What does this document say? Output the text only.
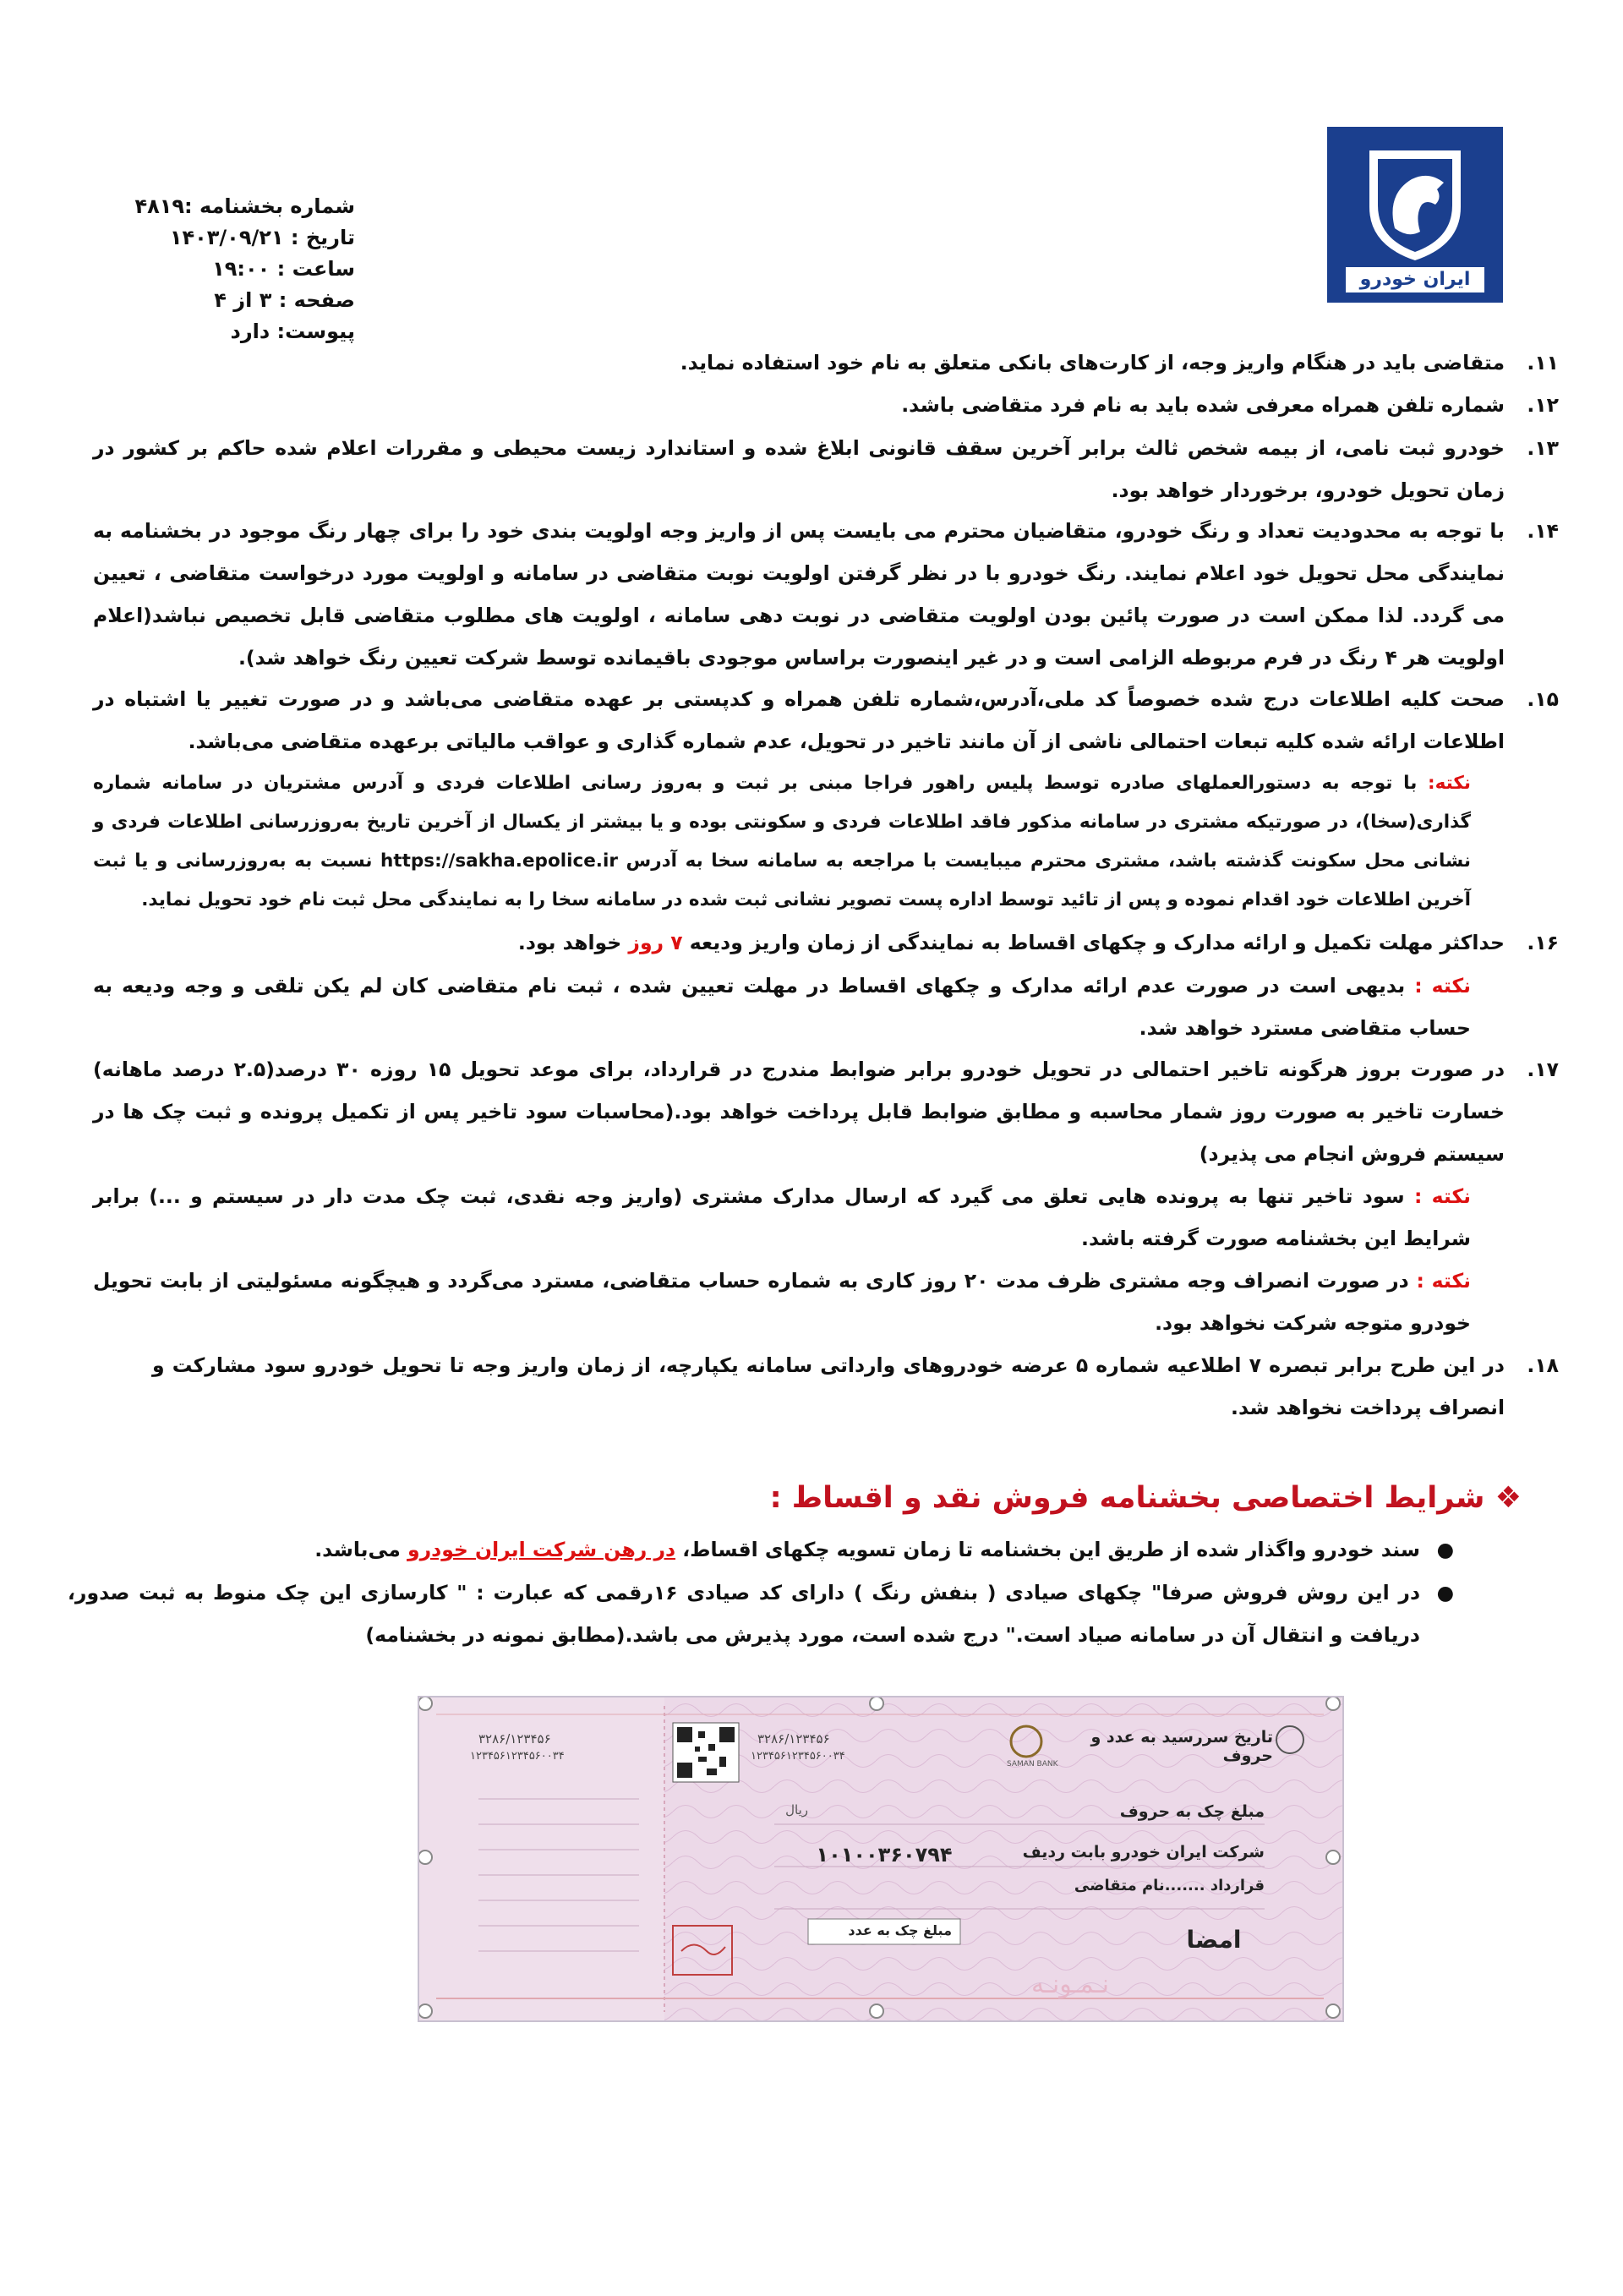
ایران خودرو
شماره بخشنامه :۴۸۱۹
تاریخ : ۱۴۰۳/۰۹/۲۱
ساعت : ۱۹:۰۰
صفحه : ۳ از ۴
پیوست: دارد
۱۱.
متقاضی باید در هنگام واریز وجه، از کارت‌های بانکی متعلق به نام خود استفاده نماید.
۱۲.
شماره تلفن همراه معرفی شده باید به نام فرد متقاضی باشد.
۱۳.
خودرو ثبت نامی، از بیمه شخص ثالث برابر آخرین سقف قانونی ابلاغ شده و استاندارد زیست محیطی و مقررات اعلام شده حاکم بر کشور در زمان تحویل خودرو، برخوردار خواهد بود.
۱۴.
با توجه به محدودیت تعداد و رنگ خودرو، متقاضیان محترم می بایست پس از واریز وجه اولویت بندی خود را برای چهار رنگ موجود در بخشنامه به نمایندگی محل تحویل خود اعلام نمایند. رنگ خودرو با در نظر گرفتن اولویت نوبت متقاضی در سامانه و اولویت مورد درخواست متقاضی ، تعیین می گردد. لذا ممکن است در صورت پائین بودن اولویت متقاضی در نوبت دهی سامانه ، اولویت های مطلوب متقاضی قابل تخصیص نباشد(اعلام اولویت هر ۴ رنگ در فرم مربوطه الزامی است و در غیر اینصورت براساس موجودی باقیمانده توسط شرکت تعیین رنگ خواهد شد).
۱۵.
صحت کلیه اطلاعات درج شده خصوصاً کد ملی،آدرس،شماره تلفن همراه و کدپستی بر عهده متقاضی می‌باشد و در صورت تغییر یا اشتباه در اطلاعات ارائه شده کلیه تبعات احتمالی ناشی از آن مانند تاخیر در تحویل، عدم شماره گذاری و عواقب مالیاتی برعهده متقاضی می‌باشد.
نکته: با توجه به دستورالعملهای صادره توسط پلیس راهور فراجا مبنی بر ثبت و به‌روز رسانی اطلاعات فردی و آدرس مشتریان در سامانه شماره گذاری(سخا)، در صورتیکه مشتری در سامانه مذکور فاقد اطلاعات فردی و سکونتی بوده و یا بیشتر از یکسال از آخرین تاریخ به‌روزرسانی اطلاعات فردی و نشانی محل سکونت گذشته باشد، مشتری محترم میبایست با مراجعه به سامانه سخا به آدرس https://sakha.epolice.ir نسبت به به‌روزرسانی و یا ثبت آخرین اطلاعات خود اقدام نموده و پس از تائید توسط اداره پست تصویر نشانی ثبت شده در سامانه سخا را به نمایندگی محل ثبت نام خود تحویل نماید.
۱۶.
حداکثر مهلت تکمیل و ارائه مدارک و چکهای اقساط به نمایندگی از زمان واریز ودیعه ۷ روز خواهد بود.
نکته : بدیهی است در صورت عدم ارائه مدارک و چکهای اقساط در مهلت تعیین شده ، ثبت نام متقاضی کان لم یکن تلقی و وجه ودیعه به حساب متقاضی مسترد خواهد شد.
۱۷.
در صورت بروز هرگونه تاخیر احتمالی در تحویل خودرو برابر ضوابط مندرج در قرارداد، برای موعد تحویل ۱۵ روزه ۳۰ درصد(۲.۵ درصد ماهانه) خسارت تاخیر به صورت روز شمار محاسبه و مطابق ضوابط قابل پرداخت خواهد بود.(محاسبات سود تاخیر پس از تکمیل پرونده و ثبت چک ها در سیستم فروش انجام می پذیرد)
نکته : سود تاخیر تنها به پرونده هایی تعلق می گیرد که ارسال مدارک مشتری (واریز وجه نقدی، ثبت چک مدت دار در سیستم و ...) برابر شرایط این بخشنامه صورت گرفته باشد.
نکته : در صورت انصراف وجه مشتری ظرف مدت ۲۰ روز کاری به شماره حساب متقاضی، مسترد می‌گردد و هیچگونه مسئولیتی از بابت تحویل خودرو متوجه شرکت نخواهد بود.
۱۸.
در این طرح برابر تبصره ۷ اطلاعیه شماره ۵ عرضه خودروهای وارداتی سامانه یکپارچه، از زمان واریز وجه تا تحویل خودرو سود مشارکت و انصراف پرداخت نخواهد شد.
❖ شرایط اختصاصی بخشنامه فروش نقد و اقساط :
●
سند خودرو واگذار شده از طریق این بخشنامه تا زمان تسویه چکهای اقساط، در رهن شرکت ایران خودرو می‌باشد.
●
در این روش فروش صرفا" چکهای صیادی ( بنفش رنگ ) دارای کد صیادی ۱۶رقمی که عبارت : " کارسازی این چک منوط به ثبت صدور، دریافت و انتقال آن در سامانه صیاد است." درج شده است، مورد پذیرش می باشد.(مطابق نمونه در بخشنامه)
۳۲۸۶/۱۲۳۴۵۶
۱۲۳۴۵۶۱۲۳۴۵۶۰۰۳۴
۳۲۸۶/۱۲۳۴۵۶
۱۲۳۴۵۶۱۲۳۴۵۶۰۰۳۴
SAMAN BANK
تاریخ سررسید به عدد و حروف
مبلغ چک به حروف
ریال
۱۰۱۰۰۳۶۰۷۹۴	شرکت ایران خودرو بابت ردیف
قرارداد .......نام متقاضی
مبلغ چک به عدد	امضا
نـمـونـه
